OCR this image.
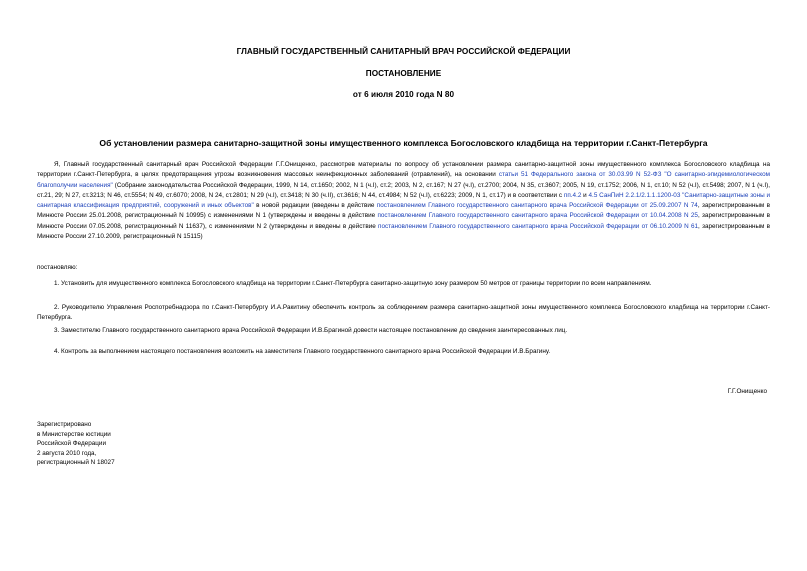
ГЛАВНЫЙ ГОСУДАРСТВЕННЫЙ САНИТАРНЫЙ ВРАЧ РОССИЙСКОЙ ФЕДЕРАЦИИ

ПОСТАНОВЛЕНИЕ

от 6 июля 2010 года N 80

Об установлении размера санитарно-защитной зоны имущественного комплекса Богословского кладбища на территории г.Санкт-Петербурга

Я, Главный государственный санитарный врач Российской Федерации Г.Г.Онищенко, рассмотрев материалы по вопросу об установлении размера санитарно-защитной зоны имущественного комплекса Богословского кладбища на территории г.Санкт-Петербурга, в целях предотвращения угрозы возникновения массовых неинфекционных заболеваний (отравлений), на основании статьи 51 Федерального закона от 30.03.99 N 52-ФЗ "О санитарно-эпидемиологическом благополучии населения" (Собрание законодательства Российской Федерации, 1999, N 14, ст.1650; 2002, N 1 (ч.I), ст.2; 2003, N 2, ст.167; N 27 (ч.I), ст.2700; 2004, N 35, ст.3607; 2005, N 19, ст.1752; 2006, N 1, ст.10; N 52 (ч.I), ст.5498; 2007, N 1 (ч.I), ст.21, 29; N 27, ст.3213; N 46, ст.5554; N 49, ст.6070; 2008, N 24, ст.2801; N 29 (ч.I), ст.3418; N 30 (ч.II), ст.3616; N 44, ст.4984; N 52 (ч.I), ст.6223; 2009, N 1, ст.17) и в соответствии с пп.4.2 и 4.5 СанПиН 2.2.1/2.1.1.1200-03 "Санитарно-защитные зоны и санитарная классификация предприятий, сооружений и иных объектов" в новой редакции (введены в действие постановлением Главного государственного санитарного врача Российской Федерации от 25.09.2007 N 74, зарегистрированным в Минюсте России 25.01.2008, регистрационный N 10995) с изменениями N 1 (утверждены и введены в действие постановлением Главного государственного санитарного врача Российской Федерации от 10.04.2008 N 25, зарегистрированным в Минюсте России 07.05.2008, регистрационный N 11637), с изменениями N 2 (утверждены и введены в действие постановлением Главного государственного санитарного врача Российской Федерации от 06.10.2009 N 61, зарегистрированным в Минюсте России 27.10.2009, регистрационный N 15115)

постановляю:

1. Установить для имущественного комплекса Богословского кладбища на территории г.Санкт-Петербурга санитарно-защитную зону размером 50 метров от границы территории по всем направлениям.

2. Руководителю Управления Роспотребнадзора по г.Санкт-Петербургу И.А.Ракитину обеспечить контроль за соблюдением размера санитарно-защитной зоны имущественного комплекса Богословского кладбища на территории г.Санкт-Петербурга.

3. Заместителю Главного государственного санитарного врача Российской Федерации И.В.Брагиной довести настоящее постановление до сведения заинтересованных лиц.

4. Контроль за выполнением настоящего постановления возложить на заместителя Главного государственного санитарного врача Российской Федерации И.В.Брагину.

Г.Г.Онищенко

Зарегистрировано
в Министерстве юстиции
Российской Федерации
2 августа 2010 года,
регистрационный N 18027
